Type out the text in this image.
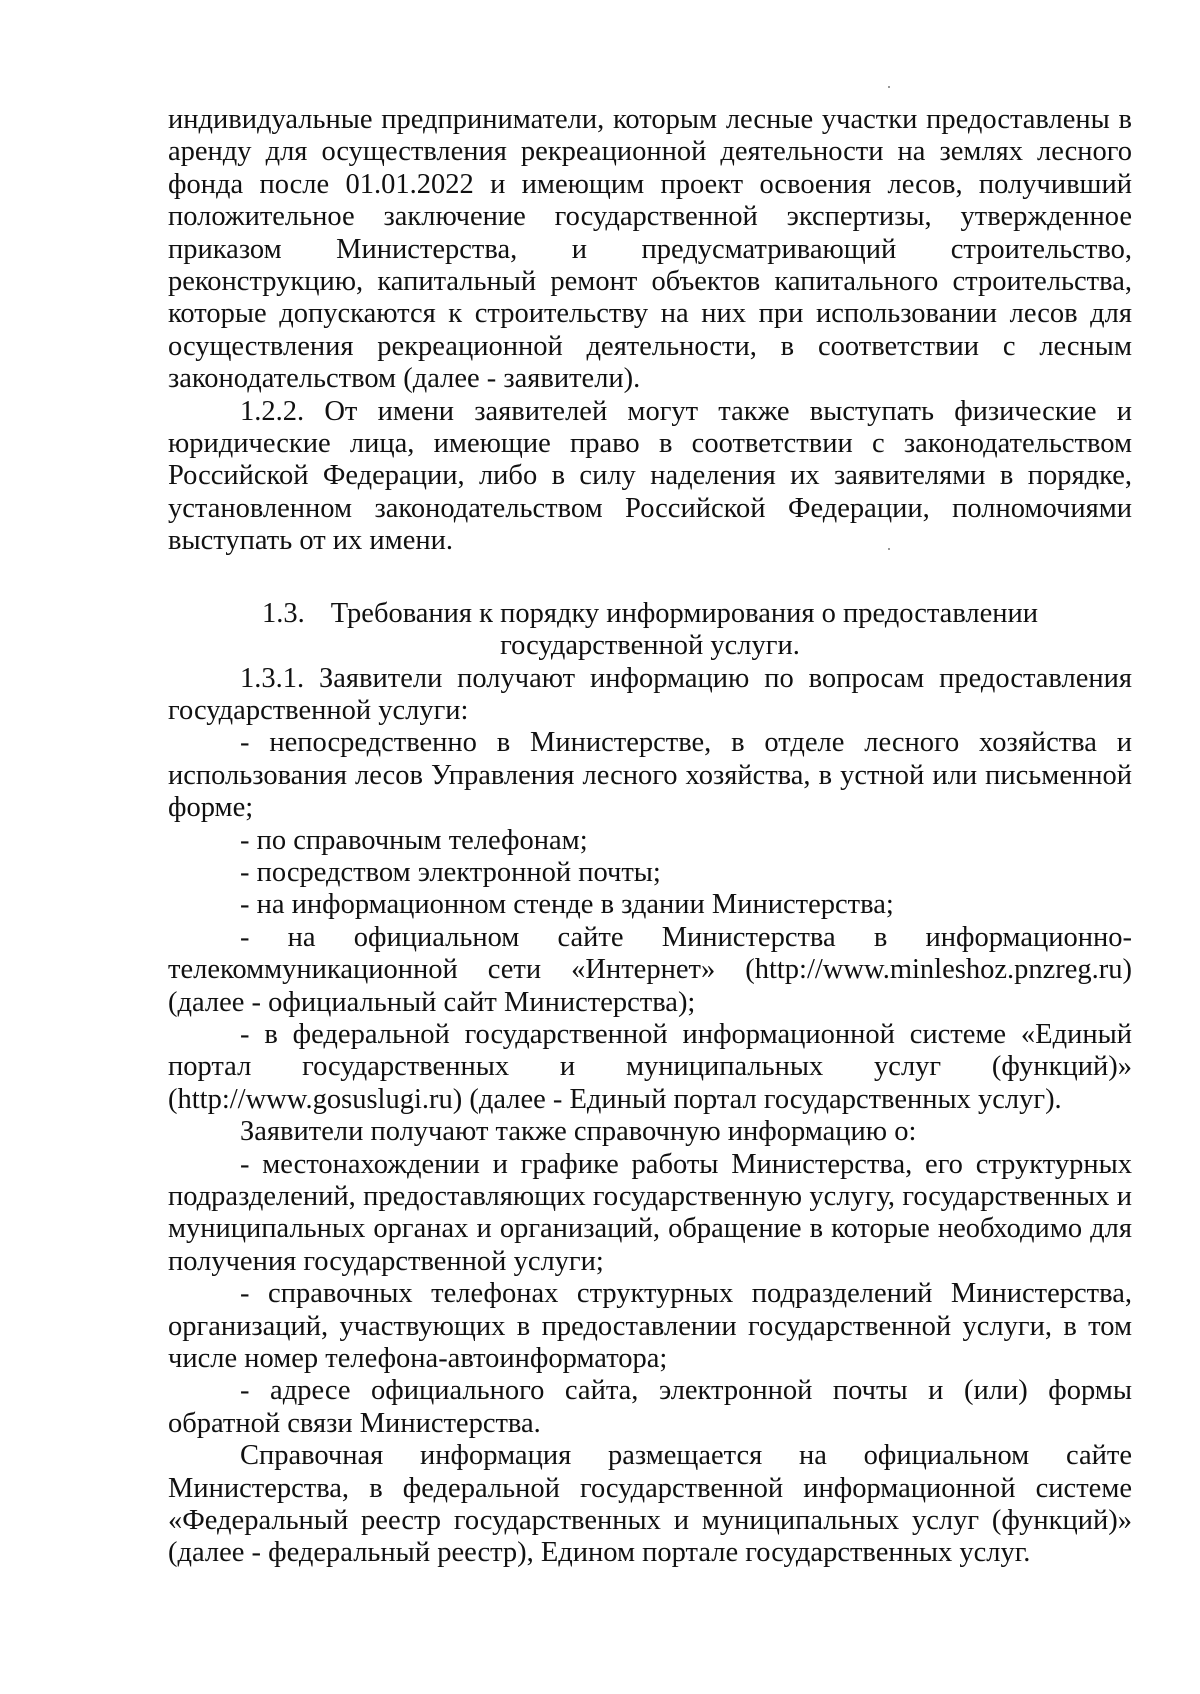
индивидуальные предприниматели, которым лесные участки предоставлены в аренду для осуществления рекреационной деятельности на землях лесного фонда после 01.01.2022 и имеющим проект освоения лесов, получивший положительное заключение государственной экспертизы, утвержденное приказом Министерства, и предусматривающий строительство, реконструкцию, капитальный ремонт объектов капитального строительства, которые допускаются к строительству на них при использовании лесов для осуществления рекреационной деятельности, в соответствии с лесным законодательством (далее - заявители).

1.2.2. От имени заявителей могут также выступать физические и юридические лица, имеющие право в соответствии с законодательством Российской Федерации, либо в силу наделения их заявителями в порядке, установленном законодательством Российской Федерации, полномочиями выступать от их имени.

1.3. Требования к порядку информирования о предоставлении
государственной услуги.

1.3.1. Заявители получают информацию по вопросам предоставления государственной услуги:

- непосредственно в Министерстве, в отделе лесного хозяйства и использования лесов Управления лесного хозяйства, в устной или письменной форме;

- по справочным телефонам;

- посредством электронной почты;

- на информационном стенде в здании Министерства;

- на официальном сайте Министерства в информационно-телекоммуникационной сети «Интернет» (http://www.minleshoz.pnzreg.ru) (далее - официальный сайт Министерства);

- в федеральной государственной информационной системе «Единый портал государственных и муниципальных услуг (функций)» (http://www.gosuslugi.ru) (далее - Единый портал государственных услуг).

Заявители получают также справочную информацию о:

- местонахождении и графике работы Министерства, его структурных подразделений, предоставляющих государственную услугу, государственных и муниципальных органах и организаций, обращение в которые необходимо для получения государственной услуги;

- справочных телефонах структурных подразделений Министерства, организаций, участвующих в предоставлении государственной услуги, в том числе номер телефона-автоинформатора;

- адресе официального сайта, электронной почты и (или) формы обратной связи Министерства.

Справочная информация размещается на официальном сайте Министерства, в федеральной государственной информационной системе «Федеральный реестр государственных и муниципальных услуг (функций)» (далее - федеральный реестр), Едином портале государственных услуг.
